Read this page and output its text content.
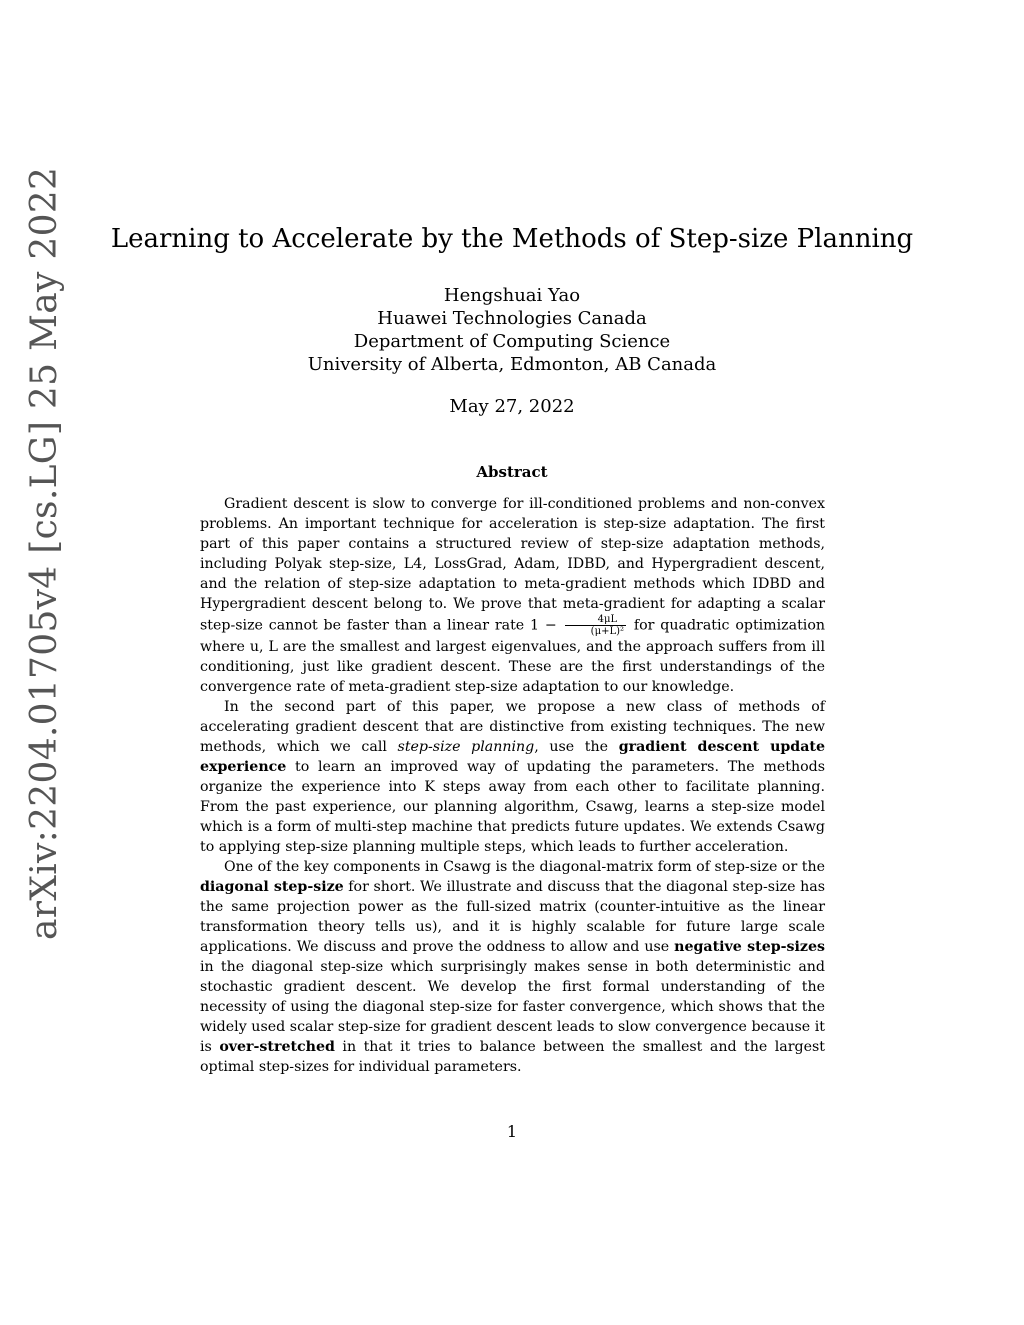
arXiv:2204.01705v4 [cs.LG] 25 May 2022	Learning to Accelerate by the Methods of Step-size Planning
Hengshuai Yao
Huawei Technologies Canada
Department of Computing Science
University of Alberta, Edmonton, AB Canada
May 27, 2022
Abstract

Gradient descent is slow to converge for ill-conditioned problems and non-convex problems. An important technique for acceleration is step-size adaptation. The first part of this paper contains a structured review of step-size adaptation methods, including Polyak step-size, L4, LossGrad, Adam, IDBD, and Hypergradient descent, and the relation of step-size adaptation to meta-gradient methods which IDBD and Hypergradient descent belong to. We prove that meta-gradient for adapting a scalar step-size cannot be faster than a linear rate $1 - \frac{4\mu L}{\text{(μ+L)²}}$ for quadratic optimization where u, L are the smallest and largest eigenvalues, and the approach suffers from ill conditioning, just like gradient descent. These are the first understandings of the convergence rate of meta-gradient step-size adaptation to our knowledge.

In the second part of this paper, we propose a new class of methods of accelerating gradient descent that are distinctive from existing techniques. The new methods, which we call step-size planning, use the gradient descent update experience to learn an improved way of updating the parameters. The methods organize the experience into K steps away from each other to facilitate planning. From the past experience, our planning algorithm, Csawg, learns a step-size model which is a form of multi-step machine that predicts future updates. We extends Csawg to applying step-size planning multiple steps, which leads to further acceleration.

One of the key components in Csawg is the diagonal-matrix form of step-size or the diagonal step-size for short. We illustrate and discuss that the diagonal step-size has the same projection power as the full-sized matrix (counter-intuitive as the linear transformation theory tells us), and it is highly scalable for future large scale applications. We discuss and prove the oddness to allow and use negative step-sizes in the diagonal step-size which surprisingly makes sense in both deterministic and stochastic gradient descent. We develop the first formal understanding of the necessity of using the diagonal step-size for faster convergence, which shows that the widely used scalar step-size for gradient descent leads to slow convergence because it is over-stretched in that it tries to balance between the smallest and the largest optimal step-sizes for individual parameters.

1
